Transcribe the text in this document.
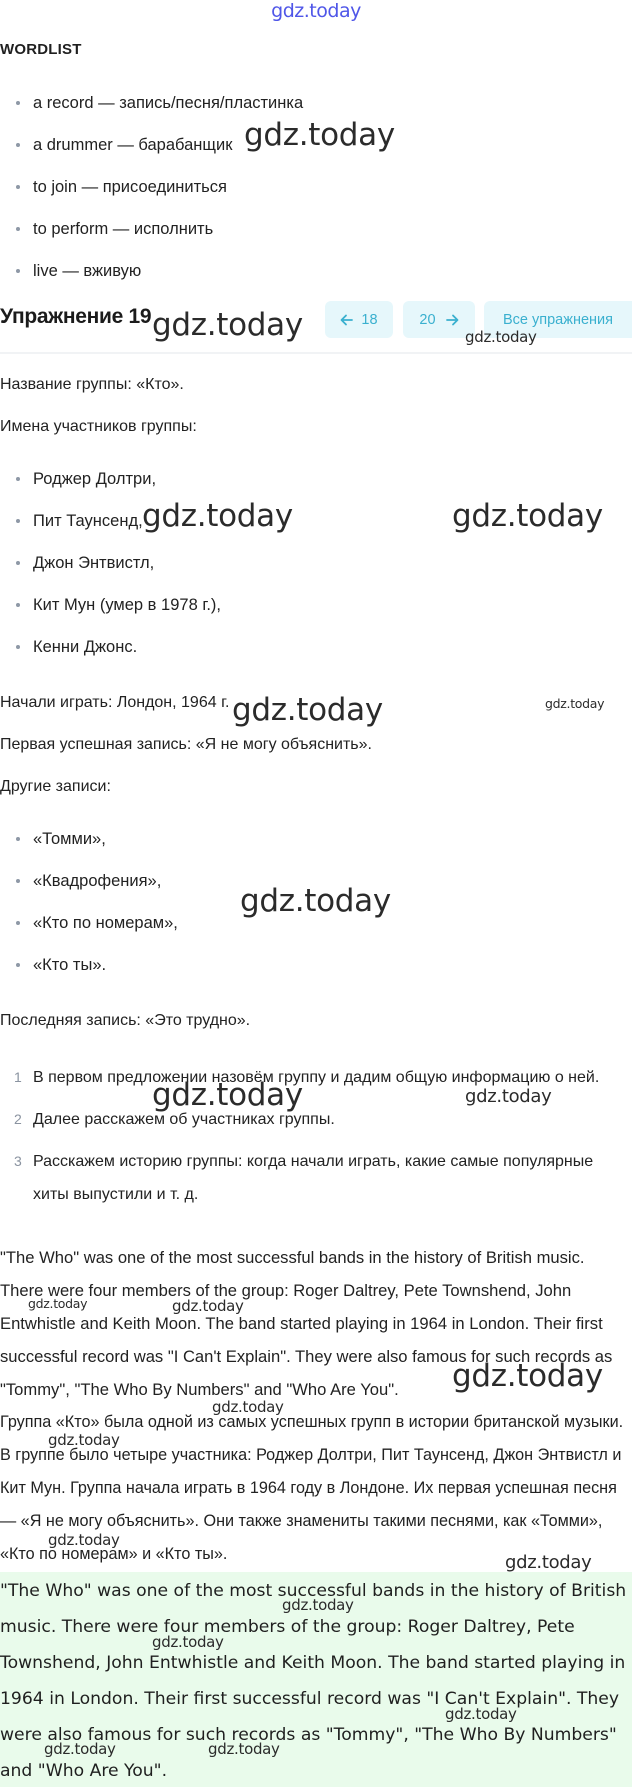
gdz.today
WORDLIST
a record — запись/песня/пластинка
a drummer — барабанщик
to join — присоединиться
to perform — исполнить
live — вживую
Упражнение 19	18	20	Все упражнения
Название группы: «Кто».
Имена участников группы:
Роджер Долтри,
Пит Таунсенд,
Джон Энтвистл,
Кит Мун (умер в 1978 г.),
Кенни Джонс.
Начали играть: Лондон, 1964 г.
Первая успешная запись: «Я не могу объяснить».
Другие записи:
«Томми»,
«Квадрофения»,
«Кто по номерам»,
«Кто ты».
Последняя запись: «Это трудно».
1 В первом предложении назовём группу и дадим общую информацию о ней.
2 Далее расскажем об участниках группы.
3 Расскажем историю группы: когда начали играть, какие самые популярные хиты выпустили и т. д.
"The Who" was one of the most successful bands in the history of British music. There were four members of the group: Roger Daltrey, Pete Townshend, John Entwhistle and Keith Moon. The band started playing in 1964 in London. Their first successful record was "I Can't Explain". They were also famous for such records as "Tommy", "The Who By Numbers" and "Who Are You".
Группа «Кто» была одной из самых успешных групп в истории британской музыки. В группе было четыре участника: Роджер Долтри, Пит Таунсенд, Джон Энтвистл и Кит Мун. Группа начала играть в 1964 году в Лондоне. Их первая успешная песня — «Я не могу объяснить». Они также знамениты такими песнями, как «Томми», «Кто по номерам» и «Кто ты».
"The Who" was one of the most successful bands in the history of British music. There were four members of the group: Roger Daltrey, Pete Townshend, John Entwhistle and Keith Moon. The band started playing in 1964 in London. Their first successful record was "I Can't Explain". They were also famous for such records as "Tommy", "The Who By Numbers" and "Who Are You".
gdz.today
gdz.today	gdz.today
gdz.today	gdz.today
gdz.today	gdz.today
gdz.today
gdz.today	gdz.today
gdz.today	gdz.today
gdz.today
gdz.today
gdz.today
gdz.today
gdz.today
gdz.today
gdz.today
gdz.today
gdz.today	gdz.today
